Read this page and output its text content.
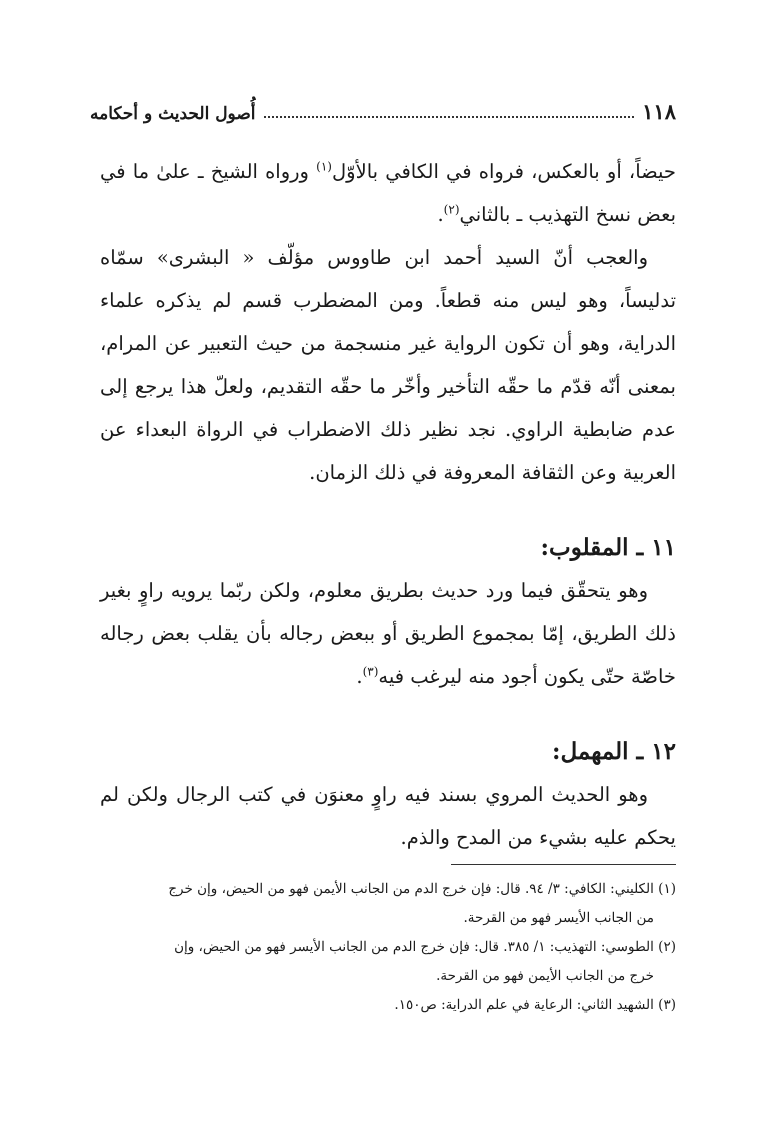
١١٨
أُصول الحديث و أحكامه

حيضاً، أو بالعكس، فرواه في الكافي بالأوّل$^{(١)}$ ورواه الشيخ ـ علىٰ ما في بعض نسخ التهذيب ـ بالثاني$^{(٢)}$.

والعجب أنّ السيد أحمد ابن طاووس مؤلّف « البشرى» سمّاه تدليساً، وهو ليس منه قطعاً. ومن المضطرب قسم لم يذكره علماء الدراية، وهو أن تكون الرواية غير منسجمة من حيث التعبير عن المرام، بمعنى أنّه قدّم ما حقّه التأخير وأخّر ما حقّه التقديم، ولعلّ هذا يرجع إلى عدم ضابطية الراوي. نجد نظير ذلك الاضطراب في الرواة البعداء عن العربية وعن الثقافة المعروفة في ذلك الزمان.

١١ ـ المقلوب:

وهو يتحقّق فيما ورد حديث بطريق معلوم، ولكن ربّما يرويه راوٍ بغير ذلك الطريق، إمّا بمجموع الطريق أو ببعض رجاله بأن يقلب بعض رجاله خاصّة حتّى يكون أجود منه ليرغب فيه$^{(٣)}$.

١٢ ـ المهمل:

وهو الحديث المروي بسند فيه راوٍ معنوَن في كتب الرجال ولكن لم يحكم عليه بشيء من المدح والذم.

(١) الكليني: الكافي: ٣/ ٩٤. قال: فإن خرج الدم من الجانب الأيمن فهو من الحيض، وإن خرج
من الجانب الأيسر فهو من القرحة.

(٢) الطوسي: التهذيب: ١/ ٣٨٥. قال: فإن خرج الدم من الجانب الأيسر فهو من الحيض، وإن
خرج من الجانب الأيمن فهو من القرحة.

(٣) الشهيد الثاني: الرعاية في علم الدراية: ص١٥٠.
